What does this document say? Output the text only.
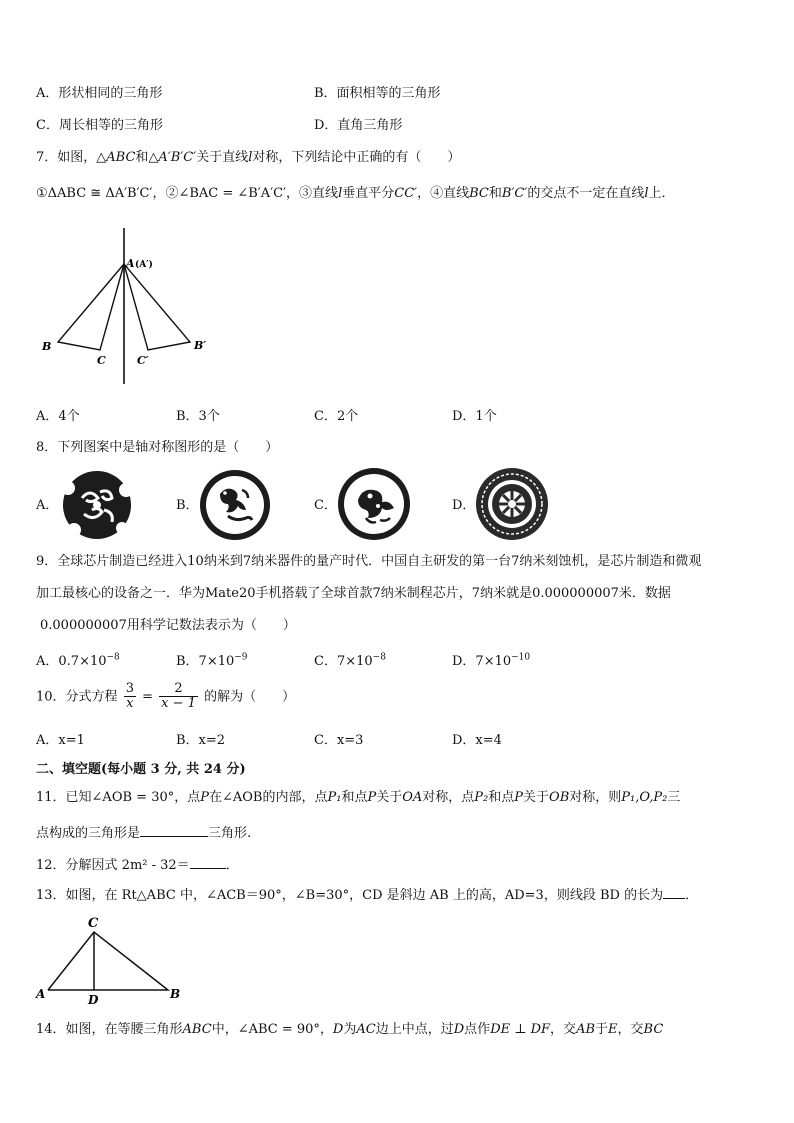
A．形状相同的三角形	B．面积相等的三角形
C．周长相等的三角形	D．直角三角形
7．如图，△ABC和△A′B′C′关于直线l对称，下列结论中正确的有（　　）
①ΔABC ≅ ΔA′B′C′，②∠BAC = ∠B′A′C′，③直线l垂直平分CC′，④直线BC和B′C′的交点不一定在直线l上．
A (A′)
B
C	C′
B′
A．4个	B．3个	C．2个	D．1个
8．下列图案中是轴对称图形的是（　　）
A．	B．	C．	D．
9．全球芯片制造已经进入10纳米到7纳米器件的量产时代．中国自主研发的第一台7纳米刻蚀机，是芯片制造和微观
加工最核心的设备之一．华为Mate20手机搭载了全球首款7纳米制程芯片，7纳米就是0.000000007米．数据
0.000000007用科学记数法表示为（　　）
A．$0.7\times 10^{-8}$	B．$7\times 10^{-9}$	C．$7\times 10^{-8}$	D．$7\times 10^{-10}$
10．分式方程 $\frac{3}{x} = \frac{2}{x - 1}$ 的解为（　　）
A．x=1	B．x=2	C．x=3	D．x=4
二、填空题(每小题 3 分, 共 24 分)
11．已知∠AOB = 30°，点P在∠AOB的内部，点P₁和点P关于OA对称，点P₂和点P关于OB对称，则P₁,O,P₂三
点构成的三角形是	三角形.
12．分解因式 2m² - 32＝	．
13．如图，在 Rt△ABC 中，∠ACB＝90°，∠B=30°，CD 是斜边 AB 上的高，AD=3，则线段 BD 的长为 ．
C
A	D	B
14．如图，在等腰三角形ABC中，∠ABC = 90°，D为AC边上中点，过D点作DE ⊥ DF，交AB于E，交BC
